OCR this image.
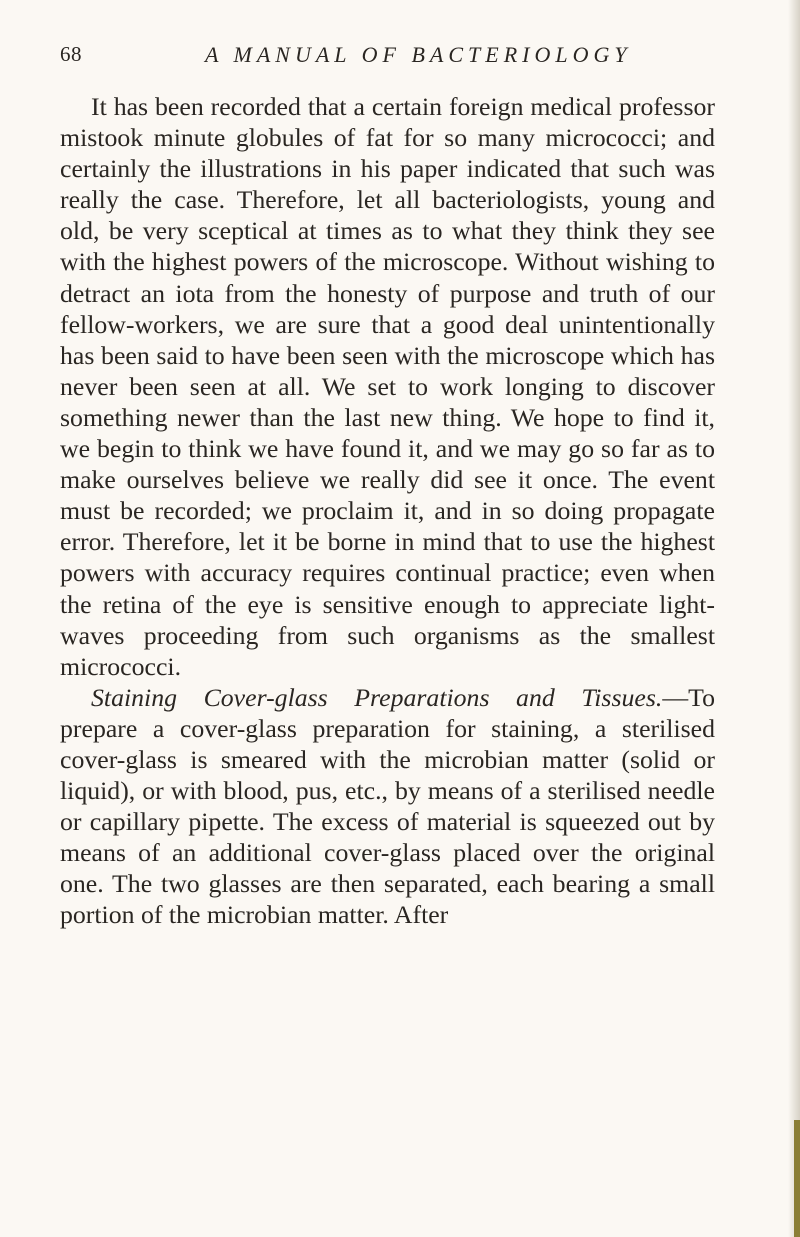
68	A MANUAL OF BACTERIOLOGY

It has been recorded that a certain foreign medical professor mistook minute globules of fat for so many micrococci; and certainly the illustrations in his paper indicated that such was really the case. Therefore, let all bacteriologists, young and old, be very sceptical at times as to what they think they see with the highest powers of the microscope. Without wishing to detract an iota from the honesty of purpose and truth of our fellow-workers, we are sure that a good deal unintentionally has been said to have been seen with the microscope which has never been seen at all. We set to work longing to discover something newer than the last new thing. We hope to find it, we begin to think we have found it, and we may go so far as to make ourselves believe we really did see it once. The event must be recorded; we proclaim it, and in so doing propagate error. Therefore, let it be borne in mind that to use the highest powers with accuracy requires continual practice; even when the retina of the eye is sensitive enough to appreciate light-waves proceeding from such organisms as the smallest micrococci.

Staining Cover-glass Preparations and Tissues.—To prepare a cover-glass preparation for staining, a sterilised cover-glass is smeared with the microbian matter (solid or liquid), or with blood, pus, etc., by means of a sterilised needle or capillary pipette. The excess of material is squeezed out by means of an additional cover-glass placed over the original one. The two glasses are then separated, each bearing a small portion of the microbian matter. After
